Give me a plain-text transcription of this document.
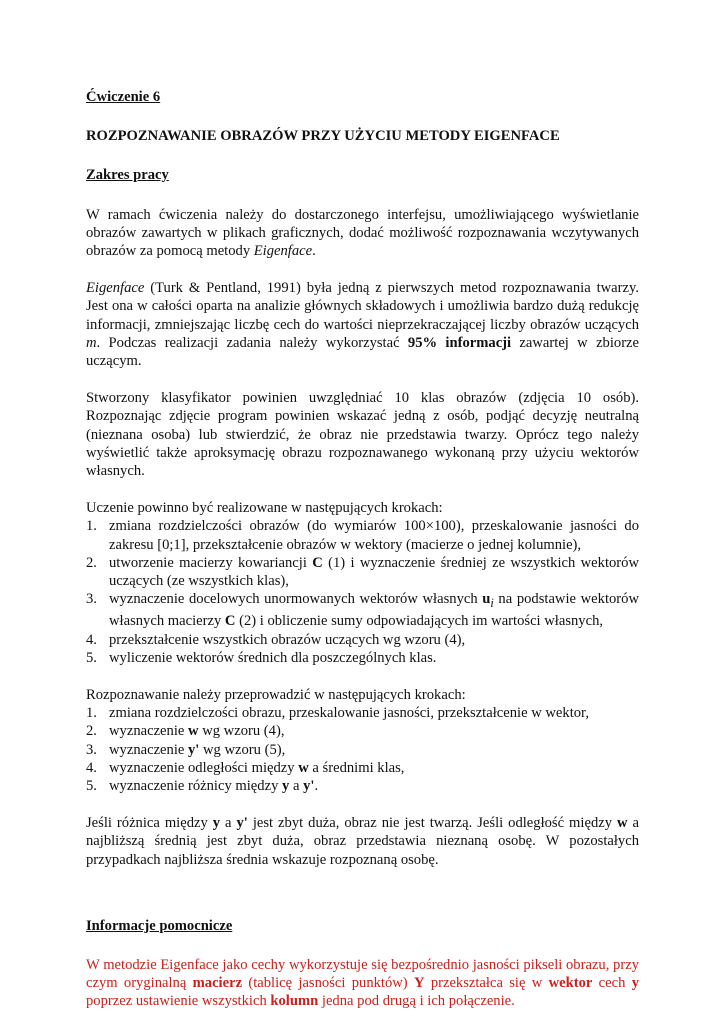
Ćwiczenie 6

ROZPOZNAWANIE OBRAZÓW PRZY UŻYCIU METODY EIGENFACE

Zakres pracy

W ramach ćwiczenia należy do dostarczonego interfejsu, umożliwiającego wyświetlanie obrazów zawartych w plikach graficznych, dodać możliwość rozpoznawania wczytywanych obrazów za pomocą metody Eigenface.

Eigenface (Turk & Pentland, 1991) była jedną z pierwszych metod rozpoznawania twarzy. Jest ona w całości oparta na analizie głównych składowych i umożliwia bardzo dużą redukcję informacji, zmniejszając liczbę cech do wartości nieprzekraczającej liczby obrazów uczących m. Podczas realizacji zadania należy wykorzystać 95% informacji zawartej w zbiorze uczącym.

Stworzony klasyfikator powinien uwzględniać 10 klas obrazów (zdjęcia 10 osób). Rozpoznając zdjęcie program powinien wskazać jedną z osób, podjąć decyzję neutralną (nieznana osoba) lub stwierdzić, że obraz nie przedstawia twarzy. Oprócz tego należy wyświetlić także aproksymację obrazu rozpoznawanego wykonaną przy użyciu wektorów własnych.

Uczenie powinno być realizowane w następujących krokach:

1. zmiana rozdzielczości obrazów (do wymiarów 100×100), przeskalowanie jasności do zakresu [0;1], przekształcenie obrazów w wektory (macierze o jednej kolumnie),
2. utworzenie macierzy kowariancji C (1) i wyznaczenie średniej ze wszystkich wektorów uczących (ze wszystkich klas),
3. wyznaczenie docelowych unormowanych wektorów własnych $u_i$ na podstawie wektorów własnych macierzy C (2) i obliczenie sumy odpowiadających im wartości własnych,
4. przekształcenie wszystkich obrazów uczących wg wzoru (4),
5. wyliczenie wektorów średnich dla poszczególnych klas.

Rozpoznawanie należy przeprowadzić w następujących krokach:

1. zmiana rozdzielczości obrazu, przeskalowanie jasności, przekształcenie w wektor,
2. wyznaczenie w wg wzoru (4),
3. wyznaczenie y' wg wzoru (5),
4. wyznaczenie odległości między w a średnimi klas,
5. wyznaczenie różnicy między y a y'.

Jeśli różnica między y a y' jest zbyt duża, obraz nie jest twarzą. Jeśli odległość między w a najbliższą średnią jest zbyt duża, obraz przedstawia nieznaną osobę. W pozostałych przypadkach najbliższa średnia wskazuje rozpoznaną osobę.

Informacje pomocnicze

W metodzie Eigenface jako cechy wykorzystuje się bezpośrednio jasności pikseli obrazu, przy czym oryginalną macierz (tablicę jasności punktów) Y przekształca się w wektor cech y poprzez ustawienie wszystkich kolumn jedna pod drugą i ich połączenie.
